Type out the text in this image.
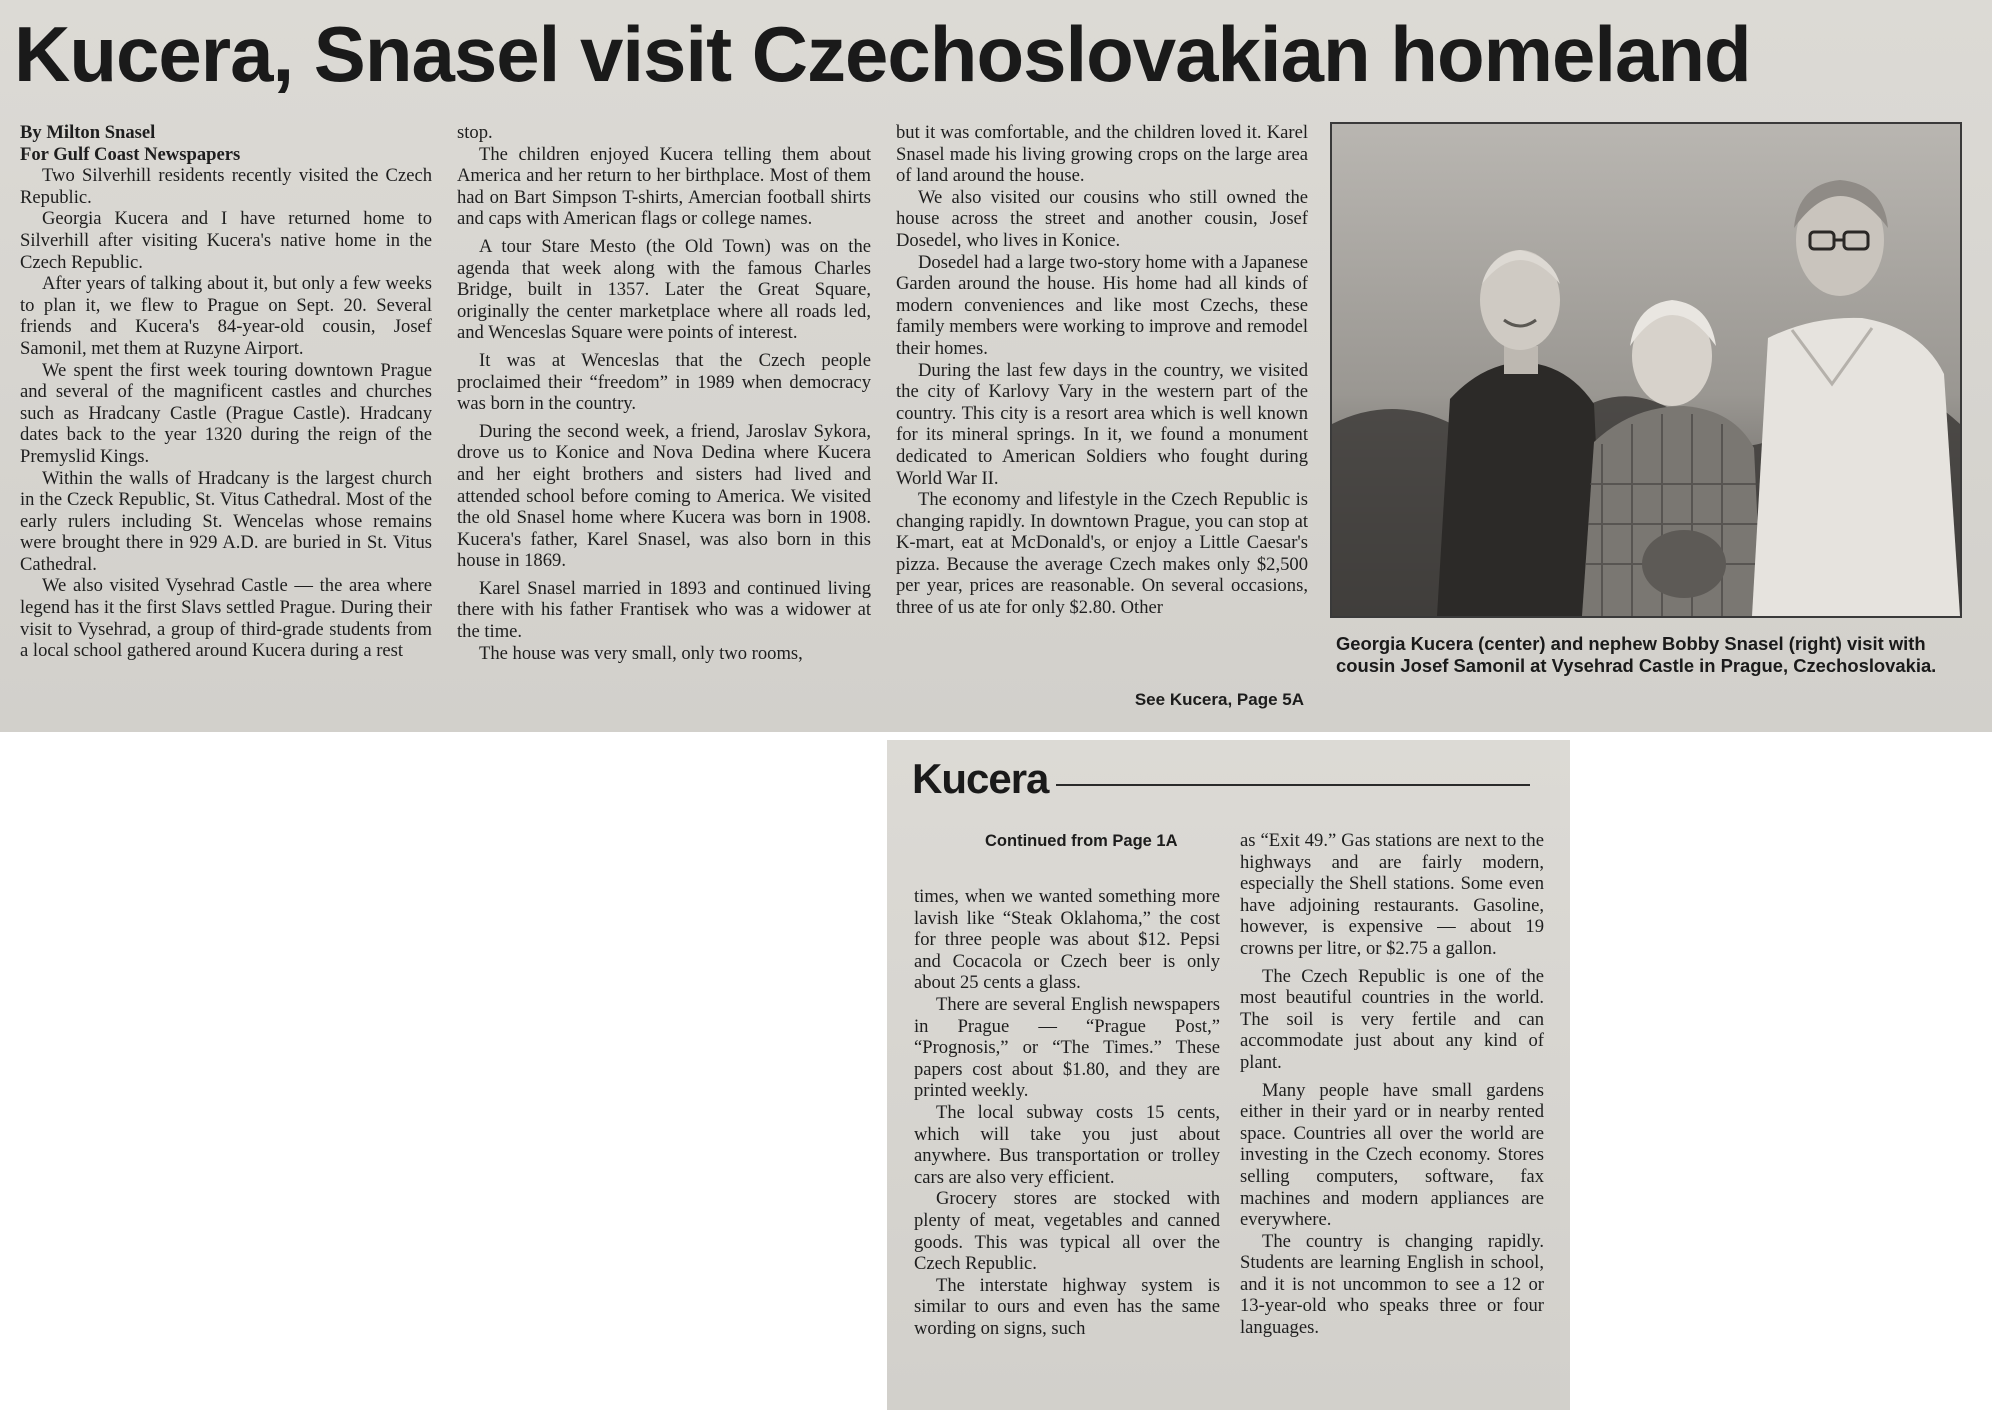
Kucera, Snasel visit Czechoslovakian homeland
By Milton Snasel
For Gulf Coast Newspapers

Two Silverhill residents recently visited the Czech Republic.

Georgia Kucera and I have returned home to Silverhill after visiting Kucera's native home in the Czech Republic.

After years of talking about it, but only a few weeks to plan it, we flew to Prague on Sept. 20. Several friends and Kucera's 84-year-old cousin, Josef Samonil, met them at Ruzyne Airport.

We spent the first week touring downtown Prague and several of the magnificent castles and churches such as Hradcany Castle (Prague Castle). Hradcany dates back to the year 1320 during the reign of the Premyslid Kings.

Within the walls of Hradcany is the largest church in the Czeck Republic, St. Vitus Cathedral. Most of the early rulers including St. Wencelas whose remains were brought there in 929 A.D. are buried in St. Vitus Cathedral.

We also visited Vysehrad Castle — the area where legend has it the first Slavs settled Prague. During their visit to Vysehrad, a group of third-grade students from a local school gathered around Kucera during a rest

stop.

The children enjoyed Kucera telling them about America and her return to her birthplace. Most of them had on Bart Simpson T-shirts, Amercian football shirts and caps with American flags or college names.

A tour Stare Mesto (the Old Town) was on the agenda that week along with the famous Charles Bridge, built in 1357. Later the Great Square, originally the center marketplace where all roads led, and Wenceslas Square were points of interest.

It was at Wenceslas that the Czech people proclaimed their “freedom” in 1989 when democracy was born in the country.

During the second week, a friend, Jaroslav Sykora, drove us to Konice and Nova Dedina where Kucera and her eight brothers and sisters had lived and attended school before coming to America. We visited the old Snasel home where Kucera was born in 1908. Kucera's father, Karel Snasel, was also born in this house in 1869.

Karel Snasel married in 1893 and continued living there with his father Frantisek who was a widower at the time.

The house was very small, only two rooms,

but it was comfortable, and the children loved it. Karel Snasel made his living growing crops on the large area of land around the house.

We also visited our cousins who still owned the house across the street and another cousin, Josef Dosedel, who lives in Konice.

Dosedel had a large two-story home with a Japanese Garden around the house. His home had all kinds of modern conveniences and like most Czechs, these family members were working to improve and remodel their homes.

During the last few days in the country, we visited the city of Karlovy Vary in the western part of the country. This city is a resort area which is well known for its mineral springs. In it, we found a monument dedicated to American Soldiers who fought during World War II.

The economy and lifestyle in the Czech Republic is changing rapidly. In downtown Prague, you can stop at K-mart, eat at McDonald's, or enjoy a Little Caesar's pizza. Because the average Czech makes only $2,500 per year, prices are reasonable. On several occasions, three of us ate for only $2.80. Other

Georgia Kucera (center) and nephew Bobby Snasel (right) visit with cousin Josef Samonil at Vysehrad Castle in Prague, Czechoslovakia.

See Kucera, Page 5A

Kucera

Continued from Page 1A

times, when we wanted something more lavish like “Steak Oklahoma,” the cost for three people was about $12. Pepsi and Cocacola or Czech beer is only about 25 cents a glass.

There are several English newspapers in Prague — “Prague Post,” “Prognosis,” or “The Times.” These papers cost about $1.80, and they are printed weekly.

The local subway costs 15 cents, which will take you just about anywhere. Bus transportation or trolley cars are also very efficient.

Grocery stores are stocked with plenty of meat, vegetables and canned goods. This was typical all over the Czech Republic.

The interstate highway system is similar to ours and even has the same wording on signs, such

as “Exit 49.” Gas stations are next to the highways and are fairly modern, especially the Shell stations. Some even have adjoining restaurants. Gasoline, however, is expensive — about 19 crowns per litre, or $2.75 a gallon.

The Czech Republic is one of the most beautiful countries in the world. The soil is very fertile and can accommodate just about any kind of plant.

Many people have small gardens either in their yard or in nearby rented space. Countries all over the world are investing in the Czech economy. Stores selling computers, software, fax machines and modern appliances are everywhere.

The country is changing rapidly. Students are learning English in school, and it is not uncommon to see a 12 or 13-year-old who speaks three or four languages.
